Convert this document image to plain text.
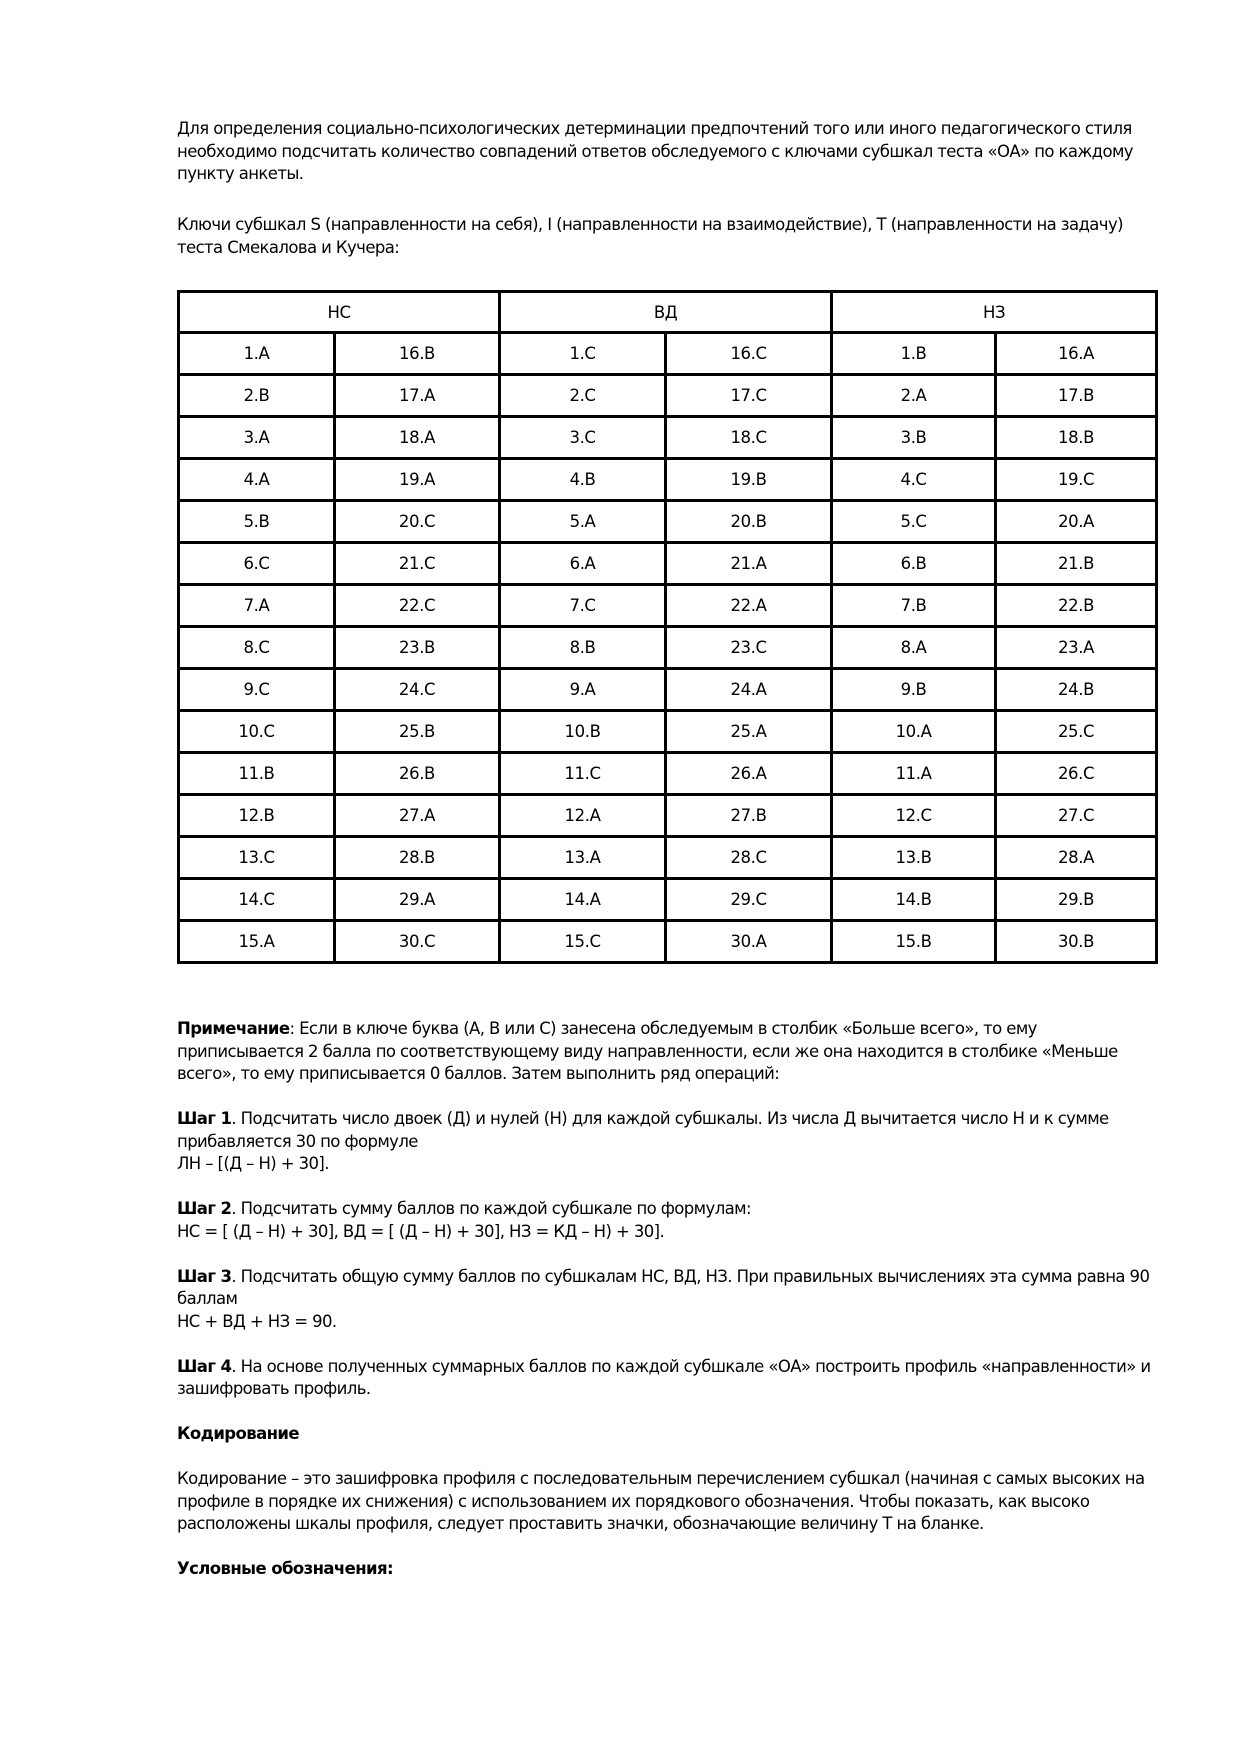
Для определения социально-психологических детерминации предпочтений того или иного педагогического стиля необходимо подсчитать количество совпадений ответов обследуемого с ключами субшкал теста «ОА» по каждому пункту анкеты.

Ключи субшкал S (направленности на себя), I (направленности на взаимодействие), T (направленности на задачу) теста Смекалова и Кучера:

НС		ВД		НЗ	
1.A	16.B	1.C	16.C	1.B	16.A
2.B	17.A	2.C	17.C	2.A	17.B
3.A	18.A	3.C	18.C	3.B	18.B
4.A	19.A	4.B	19.B	4.C	19.C
5.B	20.C	5.A	20.B	5.C	20.A
6.C	21.C	6.A	21.A	6.B	21.B
7.A	22.C	7.C	22.A	7.B	22.B
8.C	23.B	8.B	23.C	8.A	23.A
9.C	24.C	9.A	24.A	9.B	24.B
10.C	25.B	10.B	25.A	10.A	25.C
11.B	26.B	11.C	26.A	11.A	26.C
12.B	27.A	12.A	27.B	12.C	27.C
13.C	28.B	13.A	28.C	13.B	28.A
14.C	29.A	14.A	29.C	14.B	29.B
15.A	30.C	15.C	30.A	15.B	30.B

Примечание: Если в ключе буква (А, В или С) занесена обследуемым в столбик «Больше всего», то ему приписывается 2 балла по соответствующему виду направленности, если же она находится в столбике «Меньше всего», то ему приписывается 0 баллов. Затем выполнить ряд операций:

Шаг 1. Подсчитать число двоек (Д) и нулей (Н) для каждой субшкалы. Из числа Д вычитается число Н и к сумме прибавляется 30 по формуле

ЛН – [(Д – Н) + 30].

Шаг 2. Подсчитать сумму баллов по каждой субшкале по формулам:

НС = [ (Д – Н) + 30], ВД = [ (Д – Н) + 30], НЗ = КД – Н) + 30].

Шаг 3. Подсчитать общую сумму баллов по субшкалам НС, ВД, НЗ. При правильных вычислениях эта сумма равна 90 баллам

НС + ВД + НЗ = 90.

Шаг 4. На основе полученных суммарных баллов по каждой субшкале «ОА» построить профиль «направленности» и зашифровать профиль.

Кодирование

Кодирование – это зашифровка профиля с последовательным перечислением субшкал (начиная с самых высоких на профиле в порядке их снижения) с использованием их порядкового обозначения. Чтобы показать, как высоко расположены шкалы профиля, следует проставить значки, обозначающие величину Т на бланке.

Условные обозначения:
